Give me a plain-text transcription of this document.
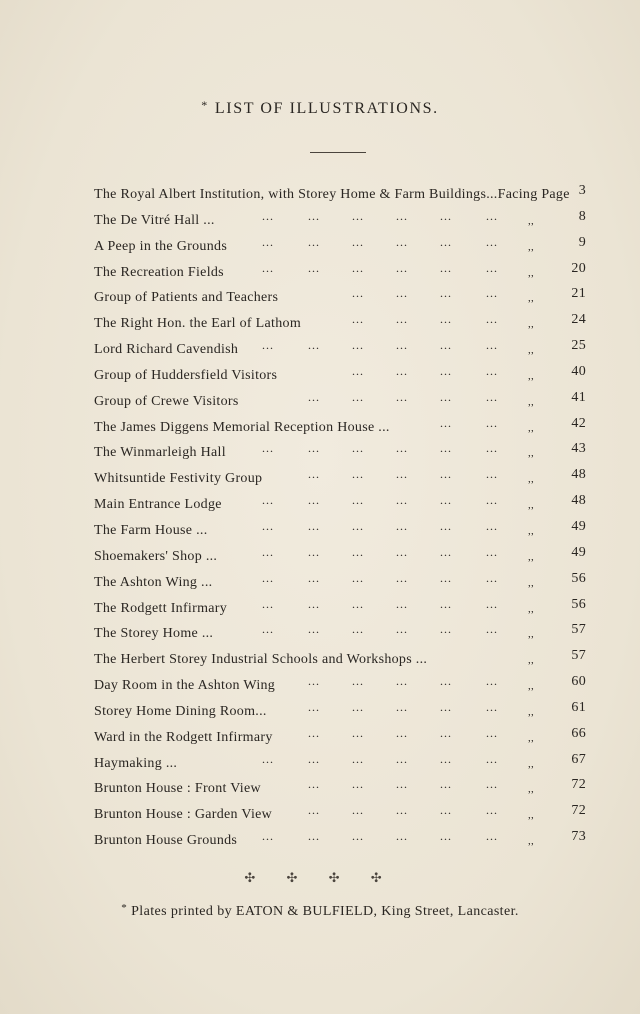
* LIST OF ILLUSTRATIONS.
The Royal Albert Institution, with Storey Home & Farm Buildings...Facing Page 3
The De Vitré Hall ...	...	...	...	...	...	...	,,	8
A Peep in the Grounds	...	...	...	...	...	...	,,	9
The Recreation Fields	...	...	...	...	...	...	,,	20
Group of Patients and Teachers	...	...	...	...	,,	21
The Right Hon. the Earl of Lathom	...	...	...	...	,,	24
Lord Richard Cavendish ...	...	...	...	...	...	,,	25
Group of Huddersfield Visitors	...	...	...	...	,,	40
Group of Crewe Visitors	...	...	...	...	...	,,	41
The James Diggens Memorial Reception House ...	...	...	,,	42
The Winmarleigh Hall	...	...	...	...	...	...	,,	43
Whitsuntide Festivity Group	...	...	...	...	...	,,	48
Main Entrance Lodge	...	...	...	...	...	...	,,	48
The Farm House ...	...	...	...	...	...	...	,,	49
Shoemakers' Shop ...	...	...	...	...	...	...	,,	49
The Ashton Wing ...	...	...	...	...	...	...	,,	56
The Rodgett Infirmary	...	...	...	...	...	...	,,	56
The Storey Home ...	...	...	...	...	...	...	,,	57
The Herbert Storey Industrial Schools and Workshops ...	,,	57
Day Room in the Ashton Wing	...	...	...	...	...	,,	60
Storey Home Dining Room...	...	...	...	...	...	,,	61
Ward in the Rodgett Infirmary	...	...	...	...	...	,,	66
Haymaking ...	...	...	...	...	...	...	,,	67
Brunton House : Front View	...	...	...	...	...	,,	72
Brunton House : Garden View	...	...	...	...	...	,,	72
Brunton House Grounds ...	...	...	...	...	...	,,	73
✣ ✣ ✣ ✣
* Plates printed by EATON & BULFIELD, King Street, Lancaster.
